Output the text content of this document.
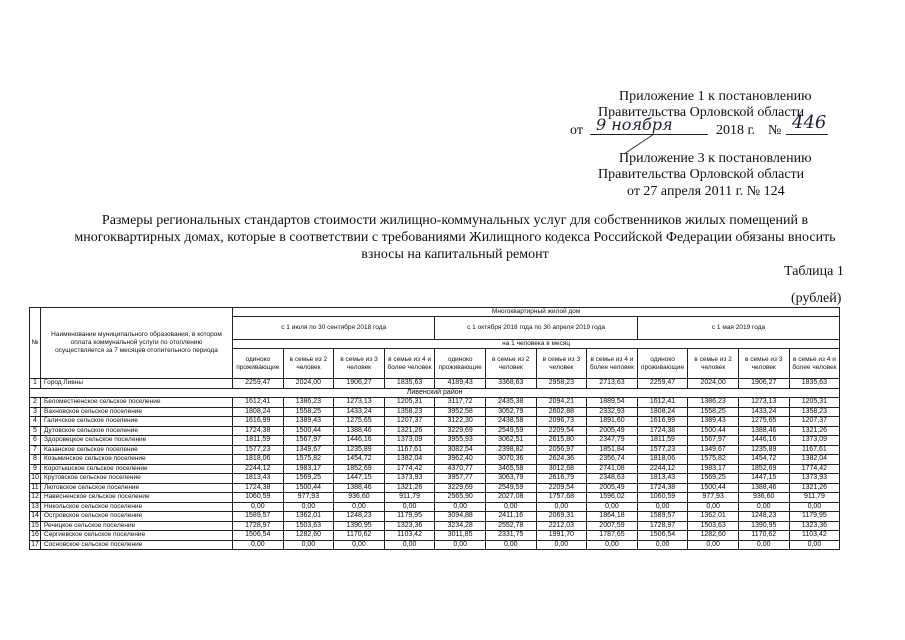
Приложение 1 к постановлению
Правительства Орловской области
от 9 ноября	2018 г. № 446
Приложение 3 к постановлению
Правительства Орловской области
от 27 апреля 2011 г. № 124
Размеры региональных стандартов стоимости жилищно-коммунальных услуг для собственников жилых помещений в
многоквартирных домах, которые в соответствии с требованиями Жилищного кодекса Российской Федерации обязаны вносить
взносы на капитальный ремонт
Таблица 1
(рублей)
№	Наименование муниципального образования, в котором оплата коммунальной услуги по отоплению осуществляется за 7 месяцев отопительного периода	Многоквартирный жилой дом											
		с 1 июля по 30 сентября 2018 года				с 1 октября 2018 года по 30 апреля 2019 года				с 1 мая 2019 года			
		на 1 человека в месяц											
		одиноко проживающие	в семье из 2 человек	в семье из 3 человек	в семье из 4 и более человек	одиноко проживающие	в семье из 2 человек	в семье из 3 человек	в семье из 4 и более человек	одиноко проживающие	в семье из 2 человек	в семье из 3 человек	в семье из 4 и более человек
1	Город Ливны	2259,47	2024,00	1906,27	1835,63	4189,43	3368,63	2958,23	2713,63	2259,47	2024,00	1906,27	1835,63
Ливенский район													
2	Беломестненское сельское поселение	1612,41	1386,23	1273,13	1205,31	3117,72	2435,38	2094,21	1889,54	1612,41	1386,23	1273,13	1205,31
3	Вахновское сельское поселение	1808,24	1558,25	1433,24	1358,23	3952,58	3052,79	2602,88	2332,93	1808,24	1558,25	1433,24	1358,23
4	Галичское сельское поселение	1616,99	1389,43	1275,65	1207,37	3122,30	2438,58	2096,73	1891,60	1616,99	1389,43	1275,65	1207,37
5	Дутовское сельское поселение	1724,38	1500,44	1388,46	1321,26	3229,69	2549,59	2209,54	2005,49	1724,38	1500,44	1388,46	1321,26
6	Здоровецкое сельское поселение	1811,59	1567,97	1446,16	1373,09	3955,93	3062,51	2615,80	2347,79	1811,59	1567,97	1446,16	1373,09
7	Казанское сельское поселение	1577,23	1349,67	1235,89	1167,61	3082,54	2398,82	2056,97	1851,84	1577,23	1349,67	1235,89	1167,61
8	Козьминское сельское поселение	1818,06	1575,82	1454,72	1382,04	3962,40	3070,36	2624,36	2356,74	1818,06	1575,82	1454,72	1382,04
9	Коротышское сельское поселение	2244,12	1983,17	1852,69	1774,42	4370,77	3465,58	3012,68	2741,08	2244,12	1983,17	1852,69	1774,42
10	Крутовское сельское поселение	1813,43	1569,25	1447,15	1373,93	3957,77	3063,79	2616,79	2348,63	1813,43	1569,25	1447,15	1373,93
11	Лютовское сельское поселение	1724,38	1500,44	1388,46	1321,26	3229,69	2549,59	2209,54	2005,49	1724,38	1500,44	1388,46	1321,26
12	Навесненское сельское поселение	1060,59	977,93	936,60	911,79	2565,90	2027,08	1757,68	1596,02	1060,59	977,93	936,60	911,79
13	Никольское сельское поселение	0,00	0,00	0,00	0,00	0,00	0,00	0,00	0,00	0,00	0,00	0,00	0,00
14	Островское сельское поселение	1589,57	1362,01	1248,23	1179,95	3094,88	2411,16	2069,31	1864,18	1589,57	1362,01	1248,23	1179,95
15	Речицкое сельское поселение	1728,97	1503,63	1390,95	1323,36	3234,28	2552,78	2212,03	2007,59	1728,97	1503,63	1390,95	1323,36
16	Сергиевское сельское поселение	1506,54	1282,60	1170,62	1103,42	3011,85	2331,75	1991,70	1787,65	1506,54	1282,60	1170,62	1103,42
17	Сосновское сельское поселение	0,00	0,00	0,00	0,00	0,00	0,00	0,00	0,00	0,00	0,00	0,00	0,00
